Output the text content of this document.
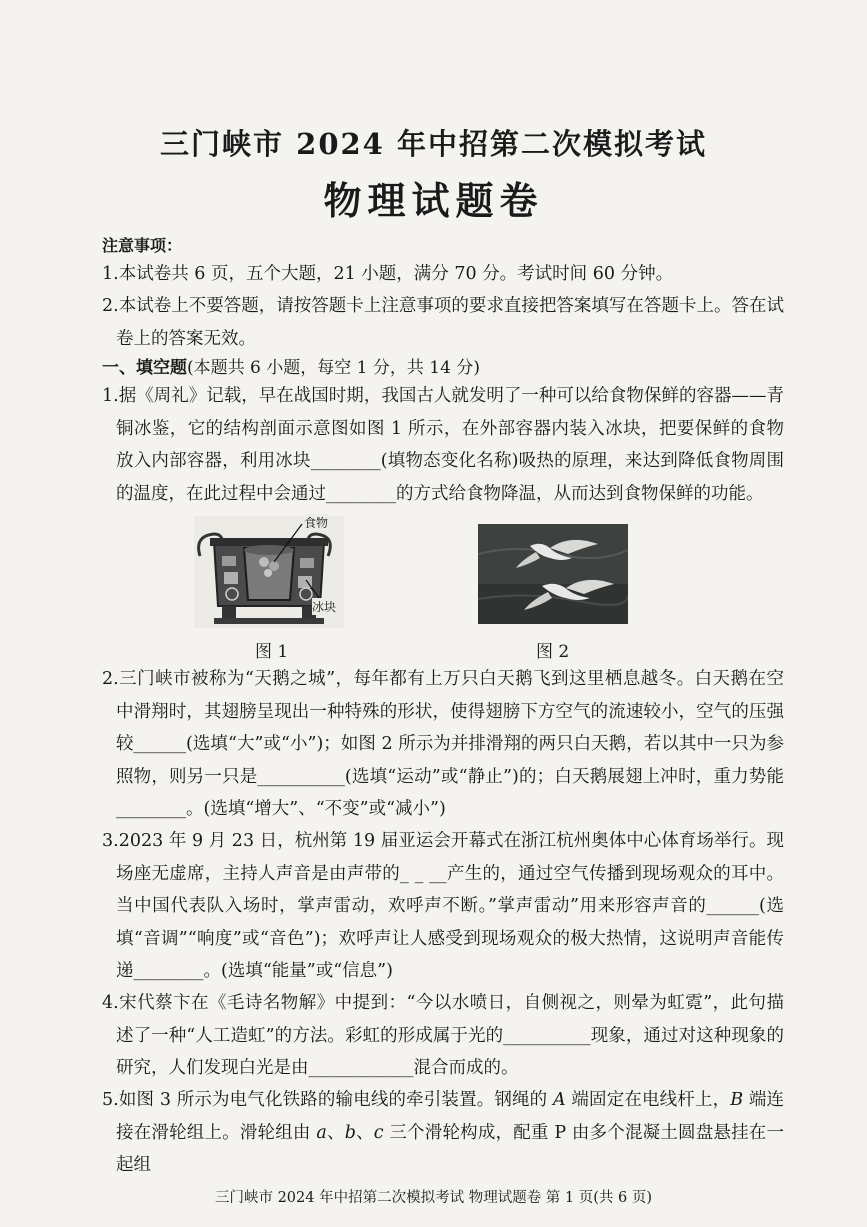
三门峡市 2024 年中招第二次模拟考试
物理试题卷
注意事项：
1.本试卷共 6 页，五个大题，21 小题，满分 70 分。考试时间 60 分钟。
2.本试卷上不要答题，请按答题卡上注意事项的要求直接把答案填写在答题卡上。答在试卷上的答案无效。
一、填空题(本题共 6 小题，每空 1 分，共 14 分)
1.据《周礼》记载，早在战国时期，我国古人就发明了一种可以给食物保鲜的容器——青铜冰鉴，它的结构剖面示意图如图 1 所示，在外部容器内装入冰块，把要保鲜的食物放入内部容器，利用冰块________(填物态变化名称)吸热的原理，来达到降低食物周围的温度，在此过程中会通过________的方式给食物降温，从而达到食物保鲜的功能。
食物
冰块
图 1	图 2
2.三门峡市被称为“天鹅之城”，每年都有上万只白天鹅飞到这里栖息越冬。白天鹅在空中滑翔时，其翅膀呈现出一种特殊的形状，使得翅膀下方空气的流速较小，空气的压强较______(选填“大”或“小”)；如图 2 所示为并排滑翔的两只白天鹅，若以其中一只为参照物，则另一只是__________(选填“运动”或“静止”)的；白天鹅展翅上冲时，重力势能________。(选填“增大”、“不变”或“减小”)
3.2023 年 9 月 23 日，杭州第 19 届亚运会开幕式在浙江杭州奥体中心体育场举行。现场座无虚席，主持人声音是由声带的_ _ __产生的，通过空气传播到现场观众的耳中。当中国代表队入场时，掌声雷动，欢呼声不断。”掌声雷动”用来形容声音的______(选填“音调”“响度”或“音色”)；欢呼声让人感受到现场观众的极大热情，这说明声音能传递________。(选填“能量”或“信息”)
4.宋代蔡卞在《毛诗名物解》中提到：“今以水喷日，自侧视之，则晕为虹霓”，此句描述了一种“人工造虹”的方法。彩虹的形成属于光的__________现象，通过对这种现象的研究，人们发现白光是由____________混合而成的。
5.如图 3 所示为电气化铁路的输电线的牵引装置。钢绳的 A 端固定在电线杆上，B 端连接在滑轮组上。滑轮组由 a、b、c 三个滑轮构成，配重 P 由多个混凝土圆盘悬挂在一起组
三门峡市 2024 年中招第二次模拟考试 物理试题卷 第 1 页(共 6 页)
